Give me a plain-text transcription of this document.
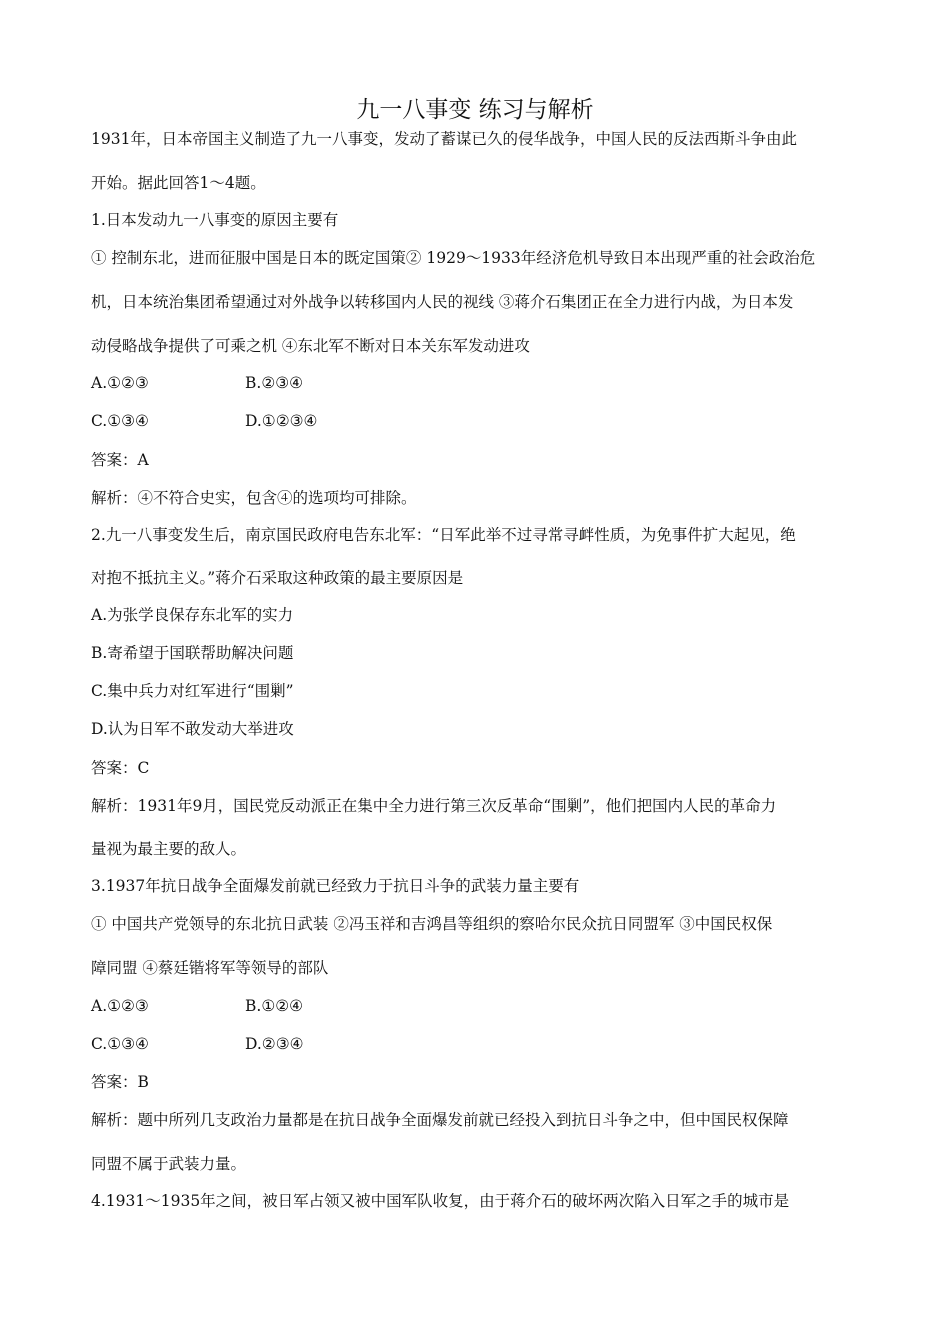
九一八事变 练习与解析
1931年，日本帝国主义制造了九一八事变，发动了蓄谋已久的侵华战争，中国人民的反法西斯斗争由此
开始。据此回答1～4题。
1.日本发动九一八事变的原因主要有
① 控制东北，进而征服中国是日本的既定国策② 1929～1933年经济危机导致日本出现严重的社会政治危
机，日本统治集团希望通过对外战争以转移国内人民的视线 ③蒋介石集团正在全力进行内战，为日本发
动侵略战争提供了可乘之机 ④东北军不断对日本关东军发动进攻
A.①②③	B.②③④
C.①③④	D.①②③④
答案：A
解析：④不符合史实，包含④的选项均可排除。
2.九一八事变发生后，南京国民政府电告东北军：“日军此举不过寻常寻衅性质，为免事件扩大起见，绝
对抱不抵抗主义。”蒋介石采取这种政策的最主要原因是
A.为张学良保存东北军的实力
B.寄希望于国联帮助解决问题
C.集中兵力对红军进行“围剿”
D.认为日军不敢发动大举进攻
答案：C
解析：1931年9月，国民党反动派正在集中全力进行第三次反革命“围剿”，他们把国内人民的革命力
量视为最主要的敌人。
3.1937年抗日战争全面爆发前就已经致力于抗日斗争的武装力量主要有
① 中国共产党领导的东北抗日武装 ②冯玉祥和吉鸿昌等组织的察哈尔民众抗日同盟军 ③中国民权保
障同盟 ④蔡廷锴将军等领导的部队
A.①②③	B.①②④
C.①③④	D.②③④
答案：B
解析：题中所列几支政治力量都是在抗日战争全面爆发前就已经投入到抗日斗争之中，但中国民权保障
同盟不属于武装力量。
4.1931～1935年之间，被日军占领又被中国军队收复，由于蒋介石的破坏两次陷入日军之手的城市是
